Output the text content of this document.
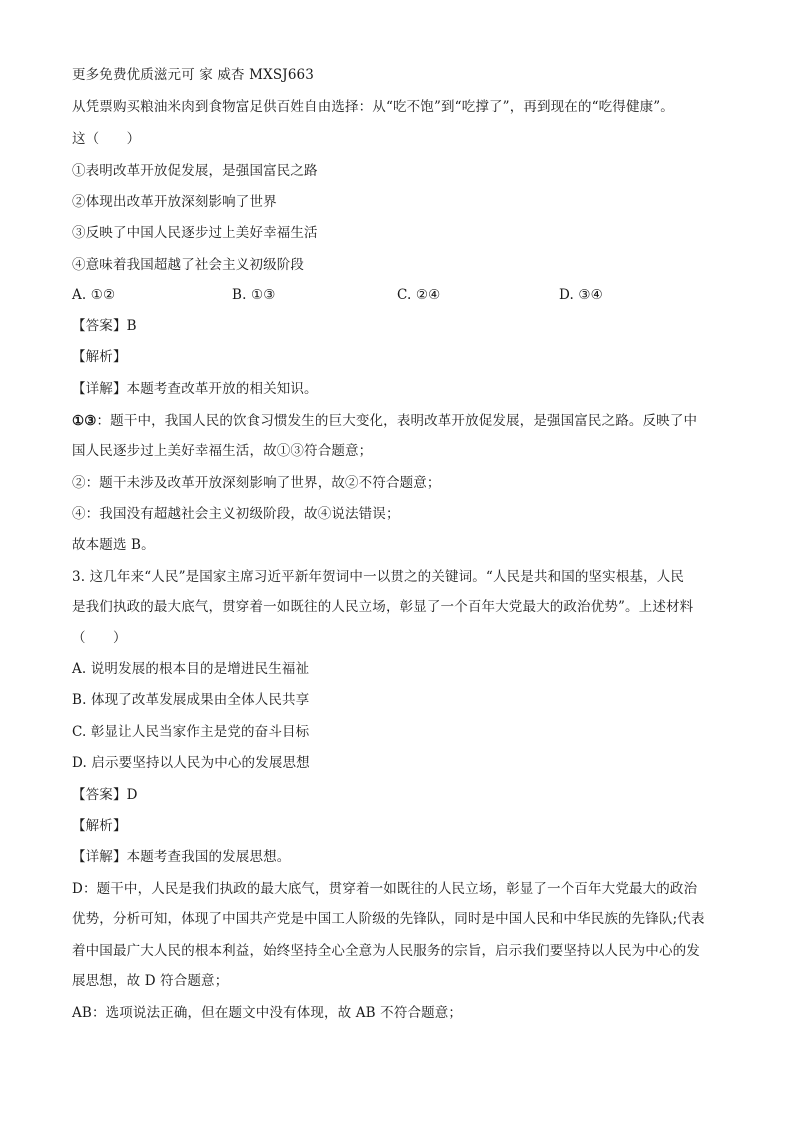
更多免费优质滋元可 家 威杏 MXSJ663
从凭票购买粮油米肉到食物富足供百姓自由选择：从“吃不饱”到“吃撑了”，再到现在的“吃得健康”。
这（　　）
①表明改革开放促发展，是强国富民之路
②体现出改革开放深刻影响了世界
③反映了中国人民逐步过上美好幸福生活
④意味着我国超越了社会主义初级阶段
A. ①②	B. ①③	C. ②④	D. ③④
【答案】B
【解析】
【详解】本题考查改革开放的相关知识。
①③：题干中，我国人民的饮食习惯发生的巨大变化，表明改革开放促发展，是强国富民之路。反映了中
国人民逐步过上美好幸福生活，故①③符合题意；
②：题干未涉及改革开放深刻影响了世界，故②不符合题意；
④：我国没有超越社会主义初级阶段，故④说法错误；
故本题选 B。
3. 这几年来“人民”是国家主席习近平新年贺词中一以贯之的关键词。“人民是共和国的坚实根基，人民
是我们执政的最大底气，贯穿着一如既往的人民立场，彰显了一个百年大党最大的政治优势”。上述材料
（　　）
A. 说明发展的根本目的是增进民生福祉
B. 体现了改革发展成果由全体人民共享
C. 彰显让人民当家作主是党的奋斗目标
D. 启示要坚持以人民为中心的发展思想
【答案】D
【解析】
【详解】本题考查我国的发展思想。
D：题干中，人民是我们执政的最大底气，贯穿着一如既往的人民立场，彰显了一个百年大党最大的政治
优势，分析可知，体现了中国共产党是中国工人阶级的先锋队，同时是中国人民和中华民族的先锋队;代表
着中国最广大人民的根本利益，始终坚持全心全意为人民服务的宗旨，启示我们要坚持以人民为中心的发
展思想，故 D 符合题意；
AB：选项说法正确，但在题文中没有体现，故 AB 不符合题意；
